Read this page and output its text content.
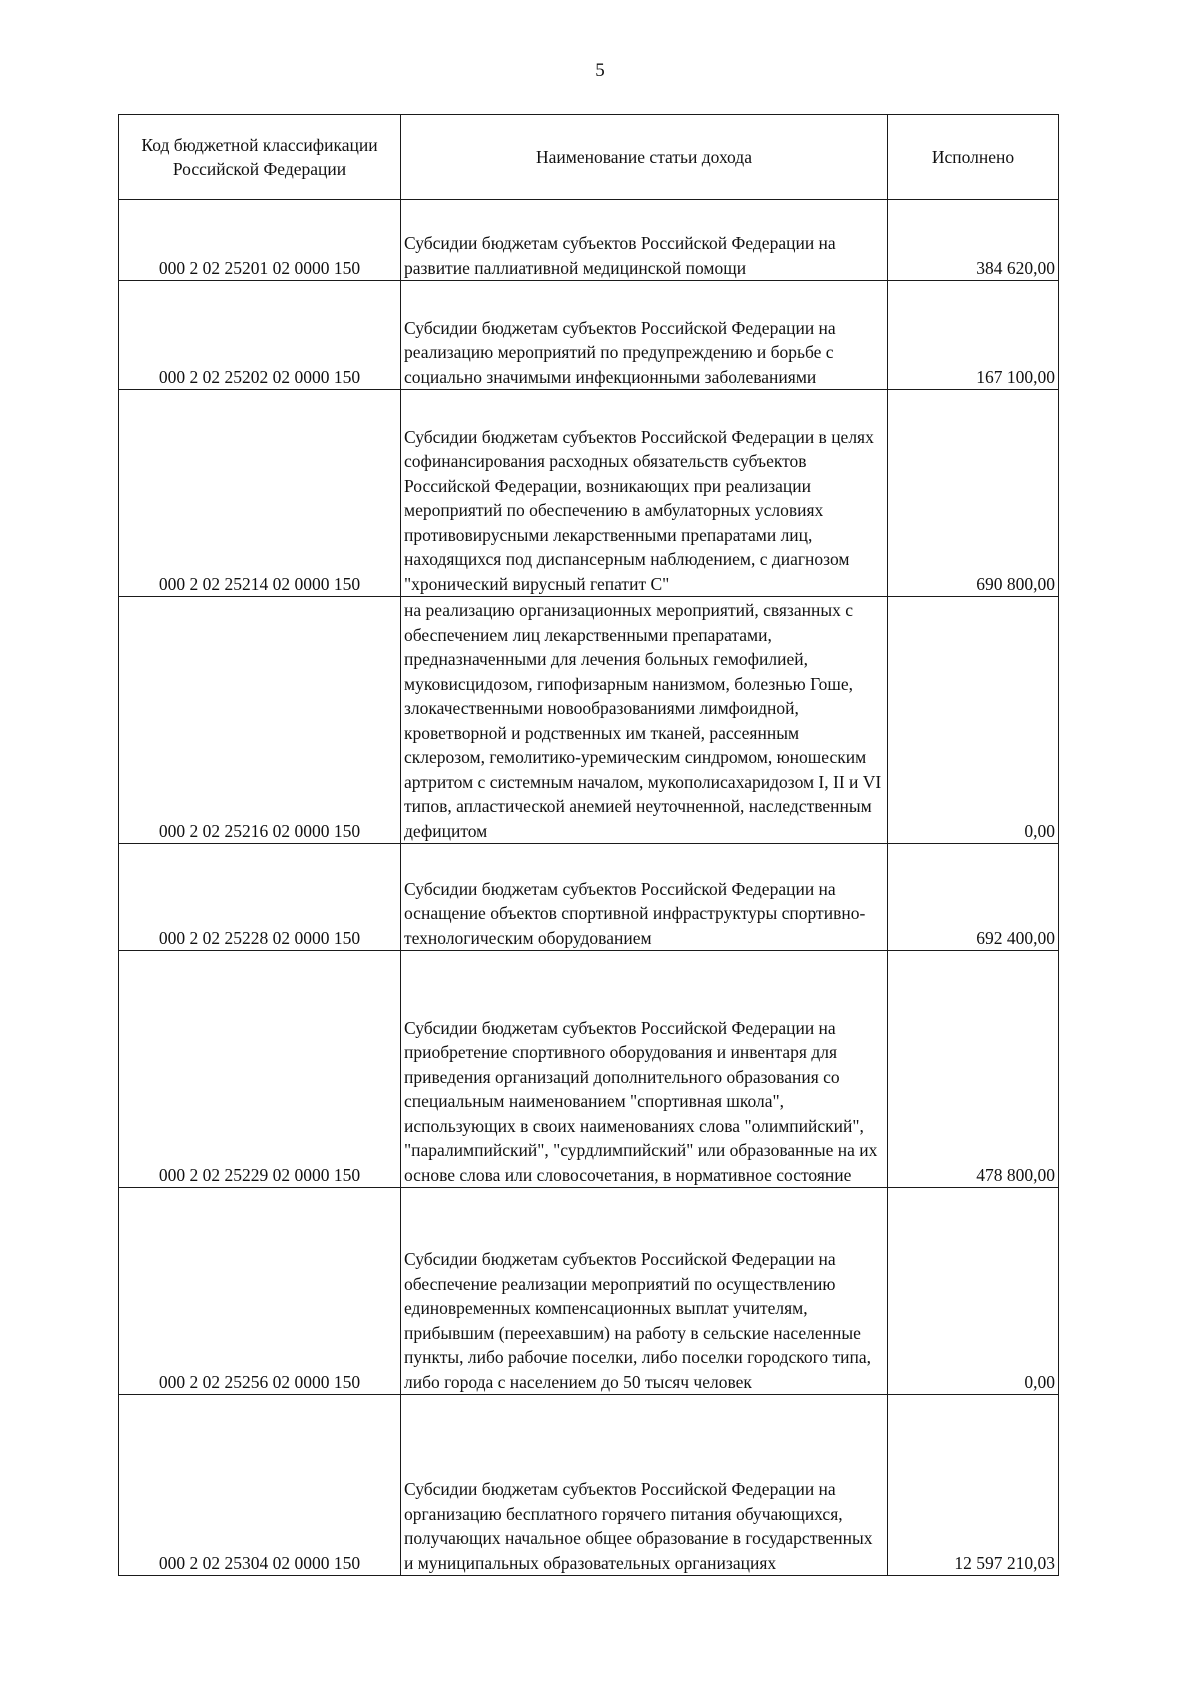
5
Код бюджетной классификации Российской Федерации	Наименование статьи дохода	Исполнено
000 2 02 25201 02 0000 150	Субсидии бюджетам субъектов Российской Федерации на развитие паллиативной медицинской помощи	384 620,00
000 2 02 25202 02 0000 150	Субсидии бюджетам субъектов Российской Федерации на реализацию мероприятий по предупреждению и борьбе с социально значимыми инфекционными заболеваниями	167 100,00
000 2 02 25214 02 0000 150	Субсидии бюджетам субъектов Российской Федерации в целях софинансирования расходных обязательств субъектов Российской Федерации, возникающих при реализации мероприятий по обеспечению в амбулаторных условиях противовирусными лекарственными препаратами лиц, находящихся под диспансерным наблюдением, с диагнозом "хронический вирусный гепатит С"	690 800,00
000 2 02 25216 02 0000 150	на реализацию организационных мероприятий, связанных с обеспечением лиц лекарственными препаратами, предназначенными для лечения больных гемофилией, муковисцидозом, гипофизарным нанизмом, болезнью Гоше, злокачественными новообразованиями лимфоидной, кроветворной и родственных им тканей, рассеянным склерозом, гемолитико-уремическим синдромом, юношеским артритом с системным началом, мукополисахаридозом I, II и VI типов, апластической анемией неуточненной, наследственным дефицитом	0,00
000 2 02 25228 02 0000 150	Субсидии бюджетам субъектов Российской Федерации на оснащение объектов спортивной инфраструктуры спортивно-технологическим оборудованием	692 400,00
000 2 02 25229 02 0000 150	Субсидии бюджетам субъектов Российской Федерации на приобретение спортивного оборудования и инвентаря для приведения организаций дополнительного образования со специальным наименованием "спортивная школа", использующих в своих наименованиях слова "олимпийский", "паралимпийский", "сурдлимпийский" или образованные на их основе слова или словосочетания, в нормативное состояние	478 800,00
000 2 02 25256 02 0000 150	Субсидии бюджетам субъектов Российской Федерации на обеспечение реализации мероприятий по осуществлению единовременных компенсационных выплат учителям, прибывшим (переехавшим) на работу в сельские населенные пункты, либо рабочие поселки, либо поселки городского типа, либо города с населением до 50 тысяч человек	0,00
000 2 02 25304 02 0000 150	Субсидии бюджетам субъектов Российской Федерации на организацию бесплатного горячего питания обучающихся, получающих начальное общее образование в государственных и муниципальных образовательных организациях	12 597 210,03
